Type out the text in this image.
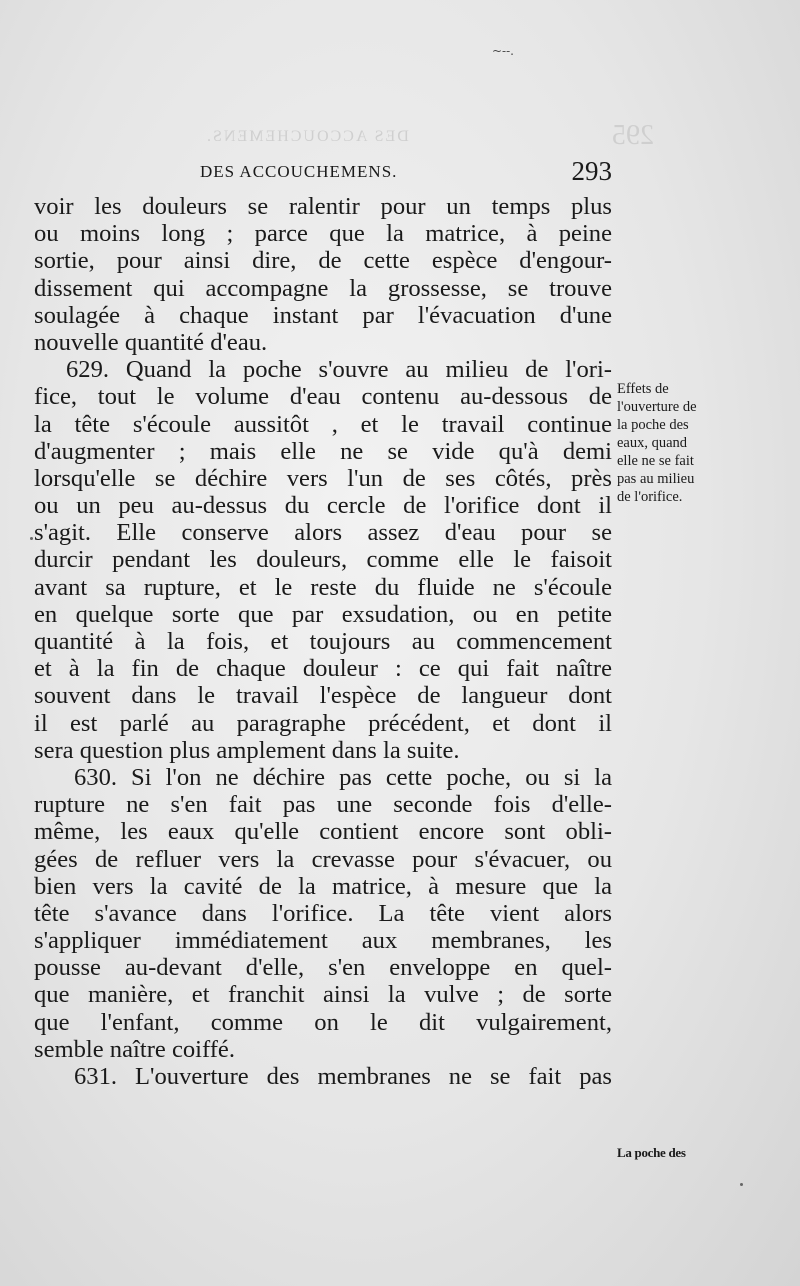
DES ACCOUCHEMENS.	295
~--.
DES ACCOUCHEMENS.	293
voir les douleurs se ralentir pour un temps plus
ou moins long ; parce que la matrice, à peine
sortie, pour ainsi dire, de cette espèce d'engour-
dissement qui accompagne la grossesse, se trouve
soulagée à chaque instant par l'évacuation d'une
nouvelle quantité d'eau.
629. Quand la poche s'ouvre au milieu de l'ori-
fice, tout le volume d'eau contenu au-dessous de
la tête s'écoule aussitôt , et le travail continue
d'augmenter ; mais elle ne se vide qu'à demi
lorsqu'elle se déchire vers l'un de ses côtés, près
ou un peu au-dessus du cercle de l'orifice dont il
s'agit. Elle conserve alors assez d'eau pour se
durcir pendant les douleurs, comme elle le faisoit
avant sa rupture, et le reste du fluide ne s'écoule
en quelque sorte que par exsudation, ou en petite
quantité à la fois, et toujours au commencement
et à la fin de chaque douleur : ce qui fait naître
souvent dans le travail l'espèce de langueur dont
il est parlé au paragraphe précédent, et dont il
sera question plus amplement dans la suite.
630. Si l'on ne déchire pas cette poche, ou si la
rupture ne s'en fait pas une seconde fois d'elle-
même, les eaux qu'elle contient encore sont obli-
gées de refluer vers la crevasse pour s'évacuer, ou
bien vers la cavité de la matrice, à mesure que la
tête s'avance dans l'orifice. La tête vient alors
s'appliquer immédiatement aux membranes, les
pousse au-devant d'elle, s'en enveloppe en quel-
que manière, et franchit ainsi la vulve ; de sorte
que l'enfant, comme on le dit vulgairement,
semble naître coiffé.
631. L'ouverture des membranes ne se fait pas
Effets de
l'ouverture de
la poche des
eaux, quand
elle ne se fait
pas au milieu
de l'orifice.
La poche des
